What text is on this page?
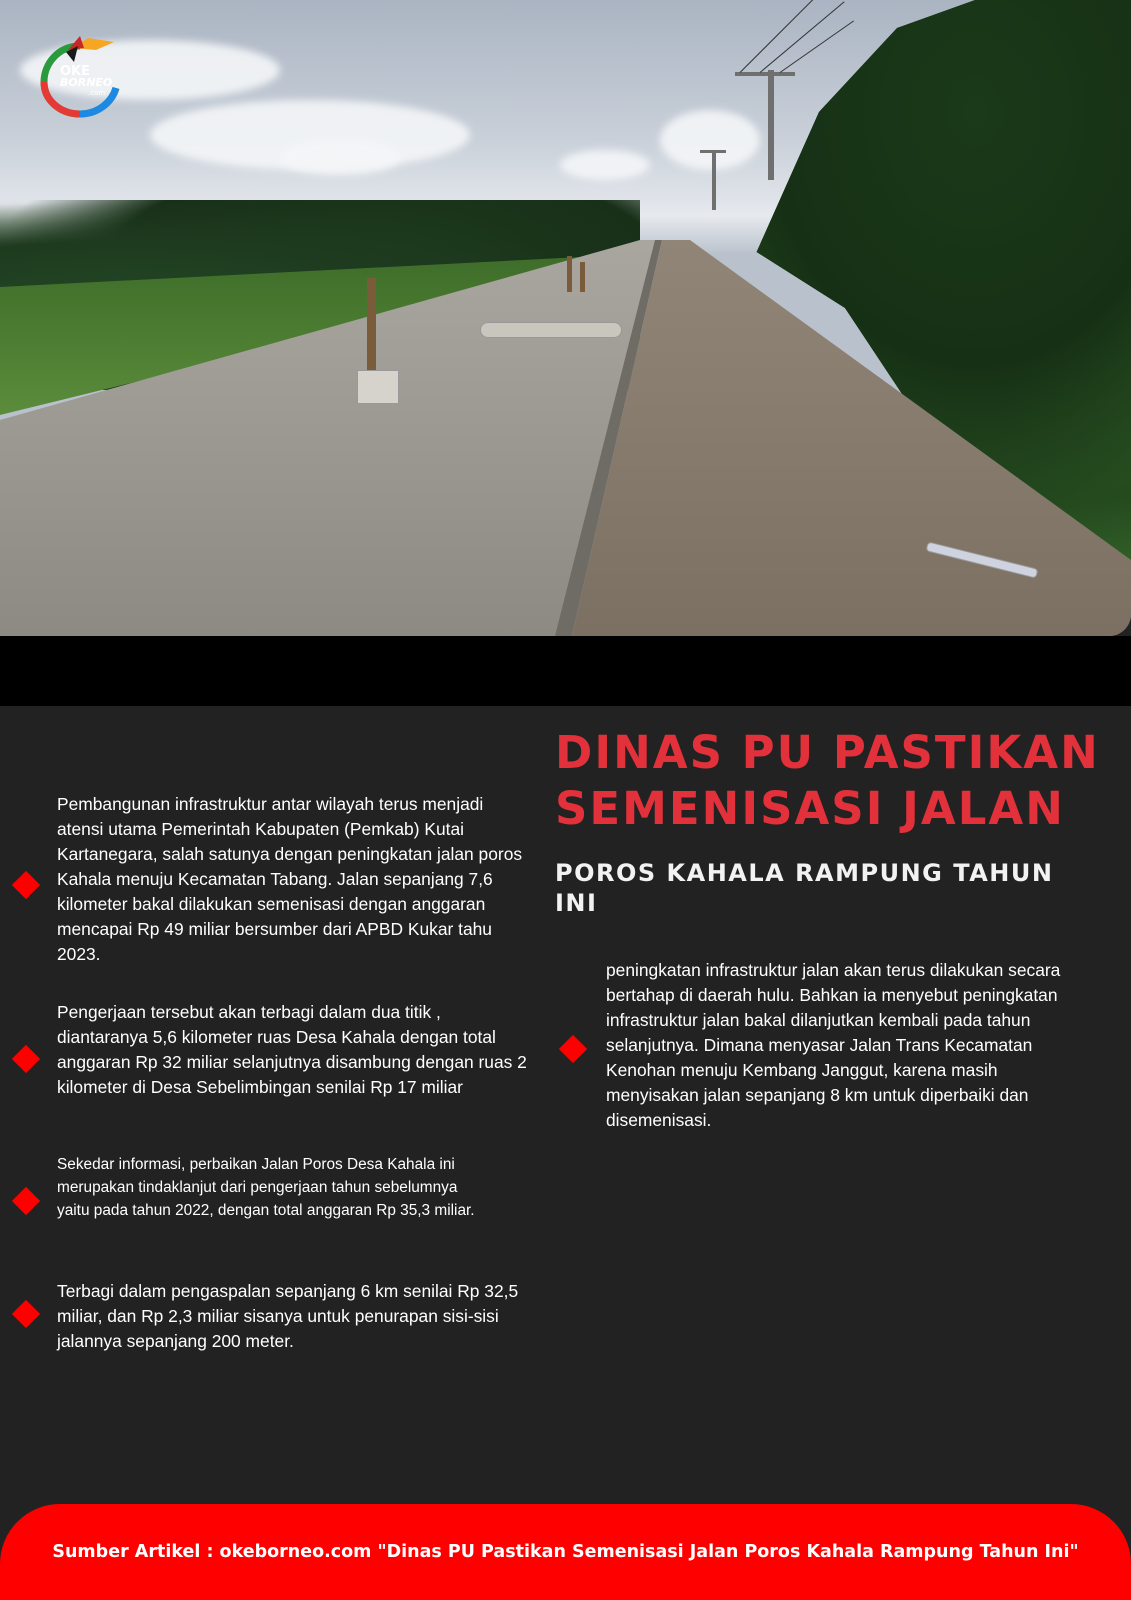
OKE
BORNEO
.com
DINAS PU PASTIKAN
SEMENISASI JALAN
POROS KAHALA RAMPUNG TAHUN INI

Pembangunan infrastruktur antar wilayah terus menjadi atensi utama Pemerintah Kabupaten (Pemkab) Kutai Kartanegara, salah satunya dengan peningkatan jalan poros Kahala menuju Kecamatan Tabang. Jalan sepanjang 7,6 kilometer bakal dilakukan semenisasi dengan anggaran mencapai Rp 49 miliar bersumber dari APBD Kukar tahu 2023.

Pengerjaan tersebut akan terbagi dalam dua titik , diantaranya 5,6 kilometer ruas Desa Kahala dengan total anggaran Rp 32 miliar selanjutnya disambung dengan ruas 2 kilometer di Desa Sebelimbingan senilai Rp 17 miliar

Sekedar informasi, perbaikan Jalan Poros Desa Kahala ini merupakan tindaklanjut dari pengerjaan tahun sebelumnya yaitu pada tahun 2022, dengan total anggaran Rp 35,3 miliar.

Terbagi dalam pengaspalan sepanjang 6 km senilai Rp 32,5 miliar, dan Rp 2,3 miliar sisanya untuk penurapan sisi-sisi jalannya sepanjang 200 meter.

peningkatan infrastruktur jalan akan terus dilakukan secara bertahap di daerah hulu. Bahkan ia menyebut peningkatan infrastruktur jalan bakal dilanjutkan kembali pada tahun selanjutnya. Dimana menyasar Jalan Trans Kecamatan Kenohan menuju Kembang Janggut, karena masih menyisakan jalan sepanjang 8 km untuk diperbaiki dan disemenisasi.

Sumber Artikel : okeborneo.com "Dinas PU Pastikan Semenisasi Jalan Poros Kahala Rampung Tahun Ini"
